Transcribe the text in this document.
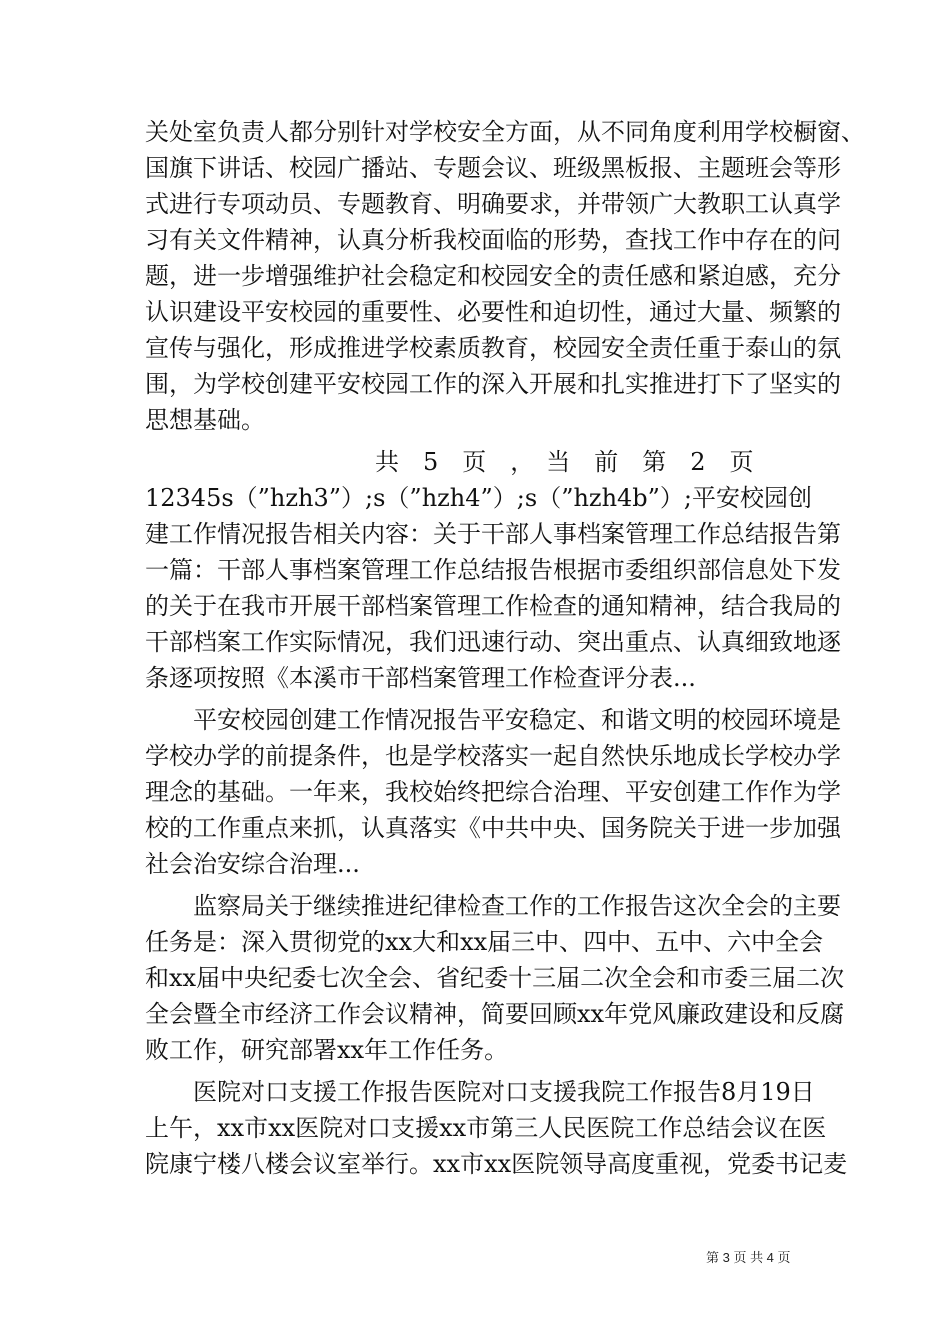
关处室负责人都分别针对学校安全方面，从不同角度利用学校橱窗、
国旗下讲话、校园广播站、专题会议、班级黑板报、主题班会等形
式进行专项动员、专题教育、明确要求，并带领广大教职工认真学
习有关文件精神，认真分析我校面临的形势，查找工作中存在的问
题，进一步增强维护社会稳定和校园安全的责任感和紧迫感，充分
认识建设平安校园的重要性、必要性和迫切性，通过大量、频繁的
宣传与强化，形成推进学校素质教育，校园安全责任重于泰山的氛
围，为学校创建平安校园工作的深入开展和扎实推进打下了坚实的
思想基础。
共　5　页　，　当　前　第　2　页
12345s（”hzh3”）;s（”hzh4”）;s（”hzh4b”）;平安校园创
建工作情况报告相关内容：关于干部人事档案管理工作总结报告第
一篇：干部人事档案管理工作总结报告根据市委组织部信息处下发
的关于在我市开展干部档案管理工作检查的通知精神，结合我局的
干部档案工作实际情况，我们迅速行动、突出重点、认真细致地逐
条逐项按照《本溪市干部档案管理工作检查评分表...
　　平安校园创建工作情况报告平安稳定、和谐文明的校园环境是
学校办学的前提条件，也是学校落实一起自然快乐地成长学校办学
理念的基础。一年来，我校始终把综合治理、平安创建工作作为学
校的工作重点来抓，认真落实《中共中央、国务院关于进一步加强
社会治安综合治理...
　　监察局关于继续推进纪律检查工作的工作报告这次全会的主要
任务是：深入贯彻党的xx大和xx届三中、四中、五中、六中全会
和xx届中央纪委七次全会、省纪委十三届二次全会和市委三届二次
全会暨全市经济工作会议精神，简要回顾xx年党风廉政建设和反腐
败工作，研究部署xx年工作任务。
　　医院对口支援工作报告医院对口支援我院工作报告8月19日
上午，xx市xx医院对口支援xx市第三人民医院工作总结会议在医
院康宁楼八楼会议室举行。xx市xx医院领导高度重视，党委书记麦
第 3 页 共 4 页
